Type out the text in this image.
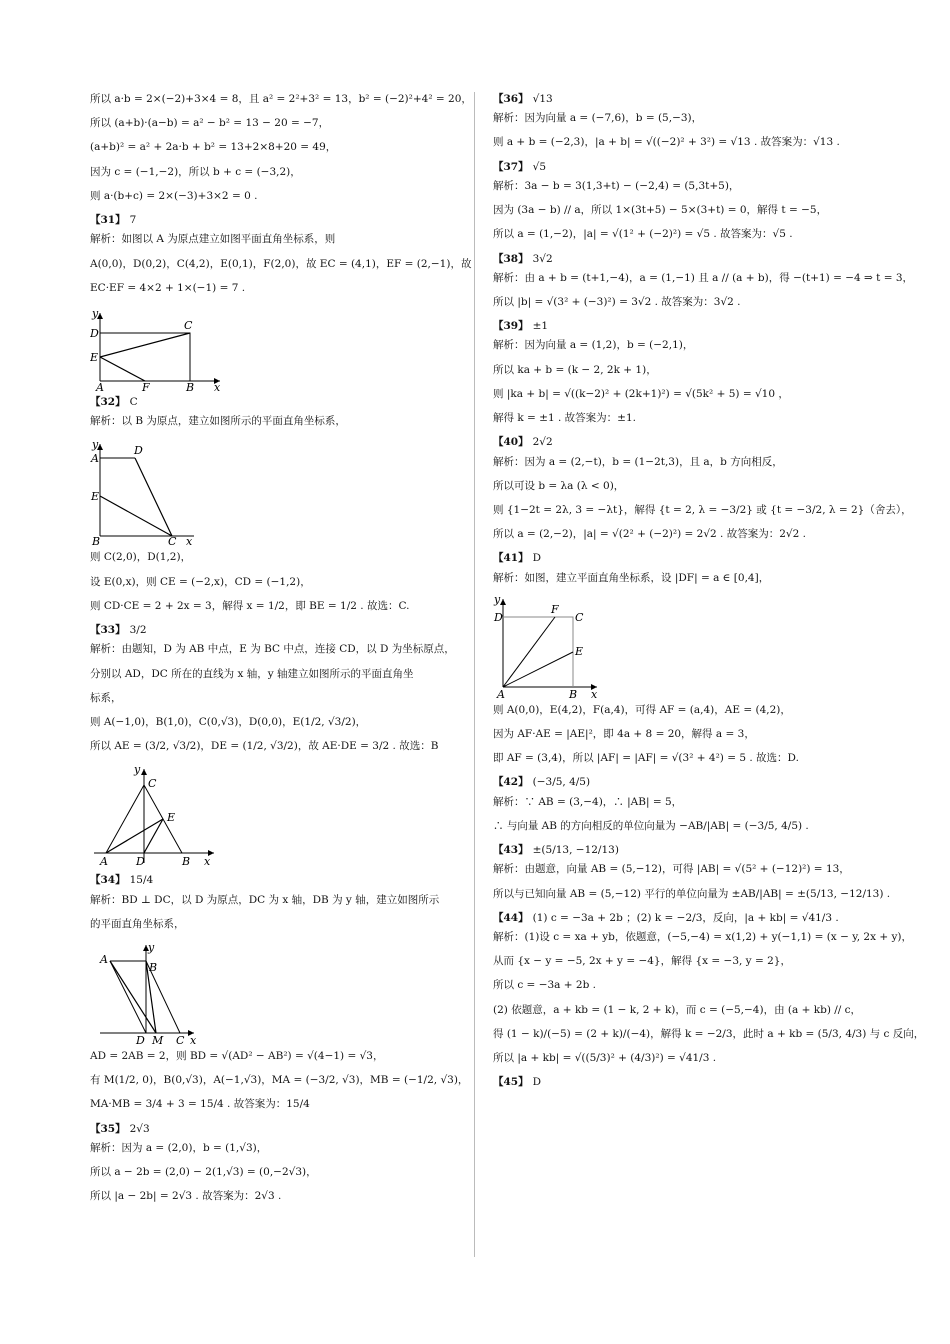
所以 a·b = 2×(−2)+3×4 = 8，且 a² = 2²+3² = 13，b² = (−2)²+4² = 20，

所以 (a+b)·(a−b) = a² − b² = 13 − 20 = −7，

(a+b)² = a² + 2a·b + b² = 13+2×8+20 = 49，

因为 c = (−1,−2)，所以 b + c = (−3,2)，

则 a·(b+c) = 2×(−3)+3×2 = 0 .

【31】 7

解析：如图以 A 为原点建立如图平面直角坐标系，则

A(0,0)，D(0,2)，C(4,2)，E(0,1)，F(2,0)，故 EC = (4,1)，EF = (2,−1)，故

EC·EF = 4×2 + 1×(−1) = 7 .

y
D
C
E
A	F	B x
【32】 C

解析：以 B 为原点，建立如图所示的平面直角坐标系，

y
A
D
E
B	C x

则 C(2,0)，D(1,2)，

设 E(0,x)，则 CE = (−2,x)，CD = (−1,2)，

则 CD·CE = 2 + 2x = 3，解得 x = 1/2，即 BE = 1/2 . 故选：C.

【33】 3/2

解析：由题知，D 为 AB 中点，E 为 BC 中点，连接 CD，以 D 为坐标原点，

分别以 AD，DC 所在的直线为 x 轴，y 轴建立如图所示的平面直角坐

标系，

则 A(−1,0)，B(1,0)，C(0,√3)，D(0,0)，E(1/2, √3/2)，

所以 AE = (3/2, √3/2)，DE = (1/2, √3/2)，故 AE·DE = 3/2 . 故选：B

y
C
E
A	D	B x
【34】 15/4

解析：BD ⊥ DC，以 D 为原点，DC 为 x 轴，DB 为 y 轴，建立如图所示

的平面直角坐标系，

y
A
B
D M C x

AD = 2AB = 2，则 BD = √(AD² − AB²) = √(4−1) = √3，

有 M(1/2, 0)，B(0,√3)，A(−1,√3)，MA = (−3/2, √3)，MB = (−1/2, √3)，

MA·MB = 3/4 + 3 = 15/4 . 故答案为：15/4

【35】 2√3

解析：因为 a = (2,0)，b = (1,√3)，

所以 a − 2b = (2,0) − 2(1,√3) = (0,−2√3)，

所以 |a − 2b| = 2√3 . 故答案为：2√3 .

【36】 √13

解析：因为向量 a = (−7,6)，b = (5,−3)，

则 a + b = (−2,3)，|a + b| = √((−2)² + 3²) = √13 . 故答案为：√13 .

【37】 √5

解析：3a − b = 3(1,3+t) − (−2,4) = (5,3t+5)，

因为 (3a − b) // a，所以 1×(3t+5) − 5×(3+t) = 0，解得 t = −5，

所以 a = (1,−2)，|a| = √(1² + (−2)²) = √5 . 故答案为：√5 .

【38】 3√2

解析：由 a + b = (t+1,−4)，a = (1,−1) 且 a // (a + b)，得 −(t+1) = −4 ⇒ t = 3，

所以 |b| = √(3² + (−3)²) = 3√2 . 故答案为：3√2 .

【39】 ±1

解析：因为向量 a = (1,2)，b = (−2,1)，

所以 ka + b = (k − 2, 2k + 1)，

则 |ka + b| = √((k−2)² + (2k+1)²) = √(5k² + 5) = √10 ，

解得 k = ±1 . 故答案为：±1.

【40】 2√2

解析：因为 a = (2,−t)，b = (1−2t,3)，且 a，b 方向相反，

所以可设 b = λa (λ < 0)，

则 {1−2t = 2λ, 3 = −λt}，解得 {t = 2, λ = −3/2} 或 {t = −3/2, λ = 2}（舍去），

所以 a = (2,−2)，|a| = √(2² + (−2)²) = 2√2 . 故答案为：2√2 .

【41】 D

解析：如图，建立平面直角坐标系，设 |DF| = a ∈ [0,4]，

y
D
F
C
E
A	B x

则 A(0,0)，E(4,2)，F(a,4)，可得 AF = (a,4)，AE = (4,2)，

因为 AF·AE = |AE|²，即 4a + 8 = 20，解得 a = 3，

即 AF = (3,4)，所以 |AF| = |AF| = √(3² + 4²) = 5 . 故选：D.

【42】 (−3/5, 4/5)

解析：∵ AB = (3,−4)，∴ |AB| = 5，

∴ 与向量 AB 的方向相反的单位向量为 −AB/|AB| = (−3/5, 4/5) .

【43】 ±(5/13, −12/13)

解析：由题意，向量 AB = (5,−12)，可得 |AB| = √(5² + (−12)²) = 13，

所以与已知向量 AB = (5,−12) 平行的单位向量为 ±AB/|AB| = ±(5/13, −12/13) .

【44】 (1) c = −3a + 2b ；(2) k = −2/3，反向，|a + kb| = √41/3 .

解析：(1)设 c = xa + yb，依题意，(−5,−4) = x(1,2) + y(−1,1) = (x − y, 2x + y)，

从而 {x − y = −5, 2x + y = −4}，解得 {x = −3, y = 2}，

所以 c = −3a + 2b .

(2) 依题意，a + kb = (1 − k, 2 + k)，而 c = (−5,−4)，由 (a + kb) // c，

得 (1 − k)/(−5) = (2 + k)/(−4)，解得 k = −2/3，此时 a + kb = (5/3, 4/3) 与 c 反向，

所以 |a + kb| = √((5/3)² + (4/3)²) = √41/3 .

【45】 D
